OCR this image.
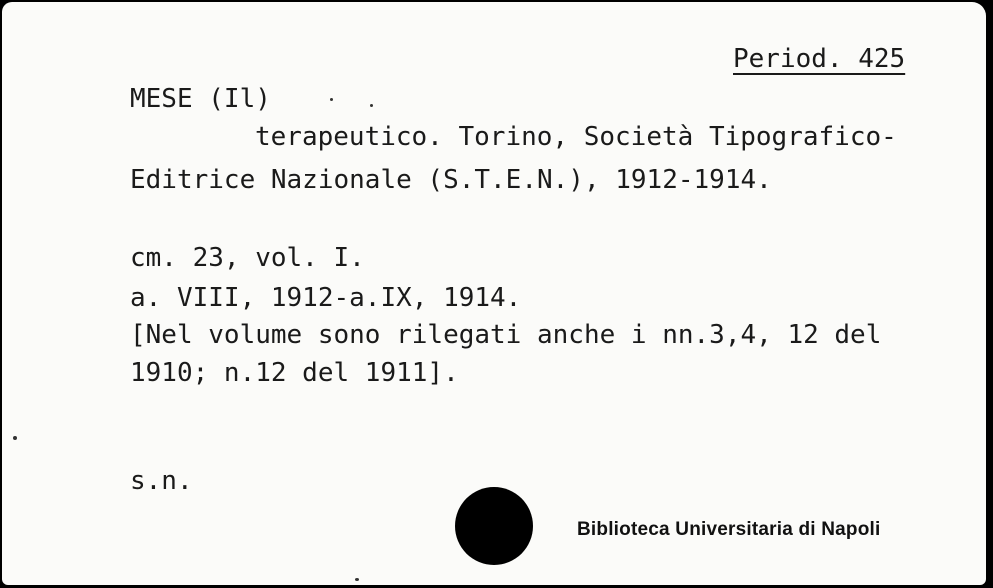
Period. 425
MESE (Il)
terapeutico. Torino, Società Tipografico-
Editrice Nazionale (S.T.E.N.), 1912-1914.
cm. 23, vol. I.
a. VIII, 1912-a.IX, 1914.
[Nel volume sono rilegati anche i nn.3,4, 12 del
1910; n.12 del 1911].
s.n.
Biblioteca Universitaria di Napoli
